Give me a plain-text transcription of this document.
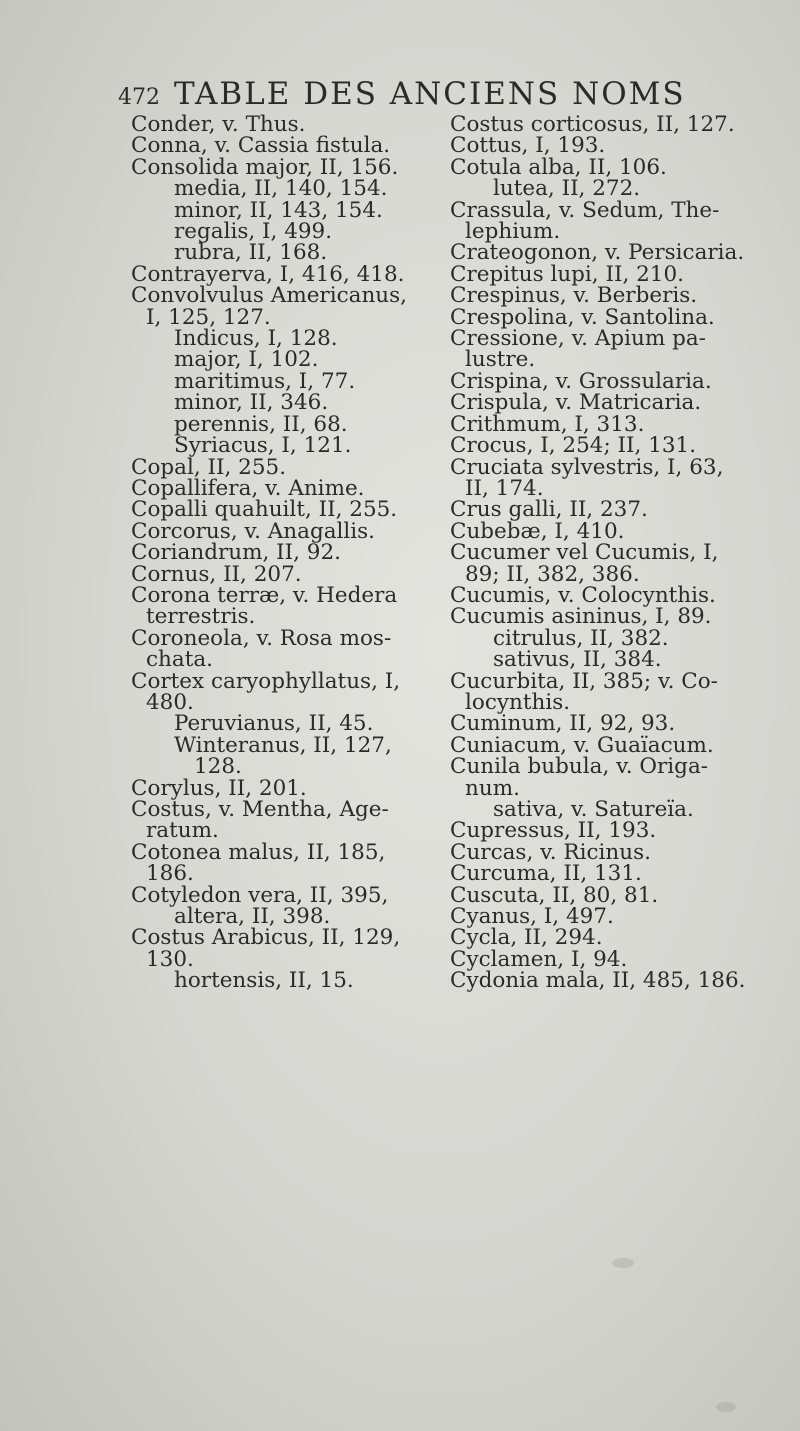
472 TABLE DES ANCIENS NOMS
Conder, v. Thus.
Conna, v. Cassia fistula.
Consolida major, II, 156.
media, II, 140, 154.
minor, II, 143, 154.
regalis, I, 499.
rubra, II, 168.
Contrayerva, I, 416, 418.
Convolvulus Americanus,
I, 125, 127.
Indicus, I, 128.
major, I, 102.
maritimus, I, 77.
minor, II, 346.
perennis, II, 68.
Syriacus, I, 121.
Copal, II, 255.
Copallifera, v. Anime.
Copalli quahuilt, II, 255.
Corcorus, v. Anagallis.
Coriandrum, II, 92.
Cornus, II, 207.
Corona terræ, v. Hedera
terrestris.
Coroneola, v. Rosa mos-
chata.
Cortex caryophyllatus, I,
480.
Peruvianus, II, 45.
Winteranus, II, 127,
128.
Corylus, II, 201.
Costus, v. Mentha, Age-
ratum.
Cotonea malus, II, 185,
186.
Cotyledon vera, II, 395,
altera, II, 398.
Costus Arabicus, II, 129,
130.
hortensis, II, 15.
Costus corticosus, II, 127.
Cottus, I, 193.
Cotula alba, II, 106.
lutea, II, 272.
Crassula, v. Sedum, The-
lephium.
Crateogonon, v. Persicaria.
Crepitus lupi, II, 210.
Crespinus, v. Berberis.
Crespolina, v. Santolina.
Cressione, v. Apium pa-
lustre.
Crispina, v. Grossularia.
Crispula, v. Matricaria.
Crithmum, I, 313.
Crocus, I, 254; II, 131.
Cruciata sylvestris, I, 63,
II, 174.
Crus galli, II, 237.
Cubebæ, I, 410.
Cucumer vel Cucumis, I,
89; II, 382, 386.
Cucumis, v. Colocynthis.
Cucumis asininus, I, 89.
citrulus, II, 382.
sativus, II, 384.
Cucurbita, II, 385; v. Co-
locynthis.
Cuminum, II, 92, 93.
Cuniacum, v. Guaïacum.
Cunila bubula, v. Origa-
num.
sativa, v. Satureïa.
Cupressus, II, 193.
Curcas, v. Ricinus.
Curcuma, II, 131.
Cuscuta, II, 80, 81.
Cyanus, I, 497.
Cycla, II, 294.
Cyclamen, I, 94.
Cydonia mala, II, 485, 186.
